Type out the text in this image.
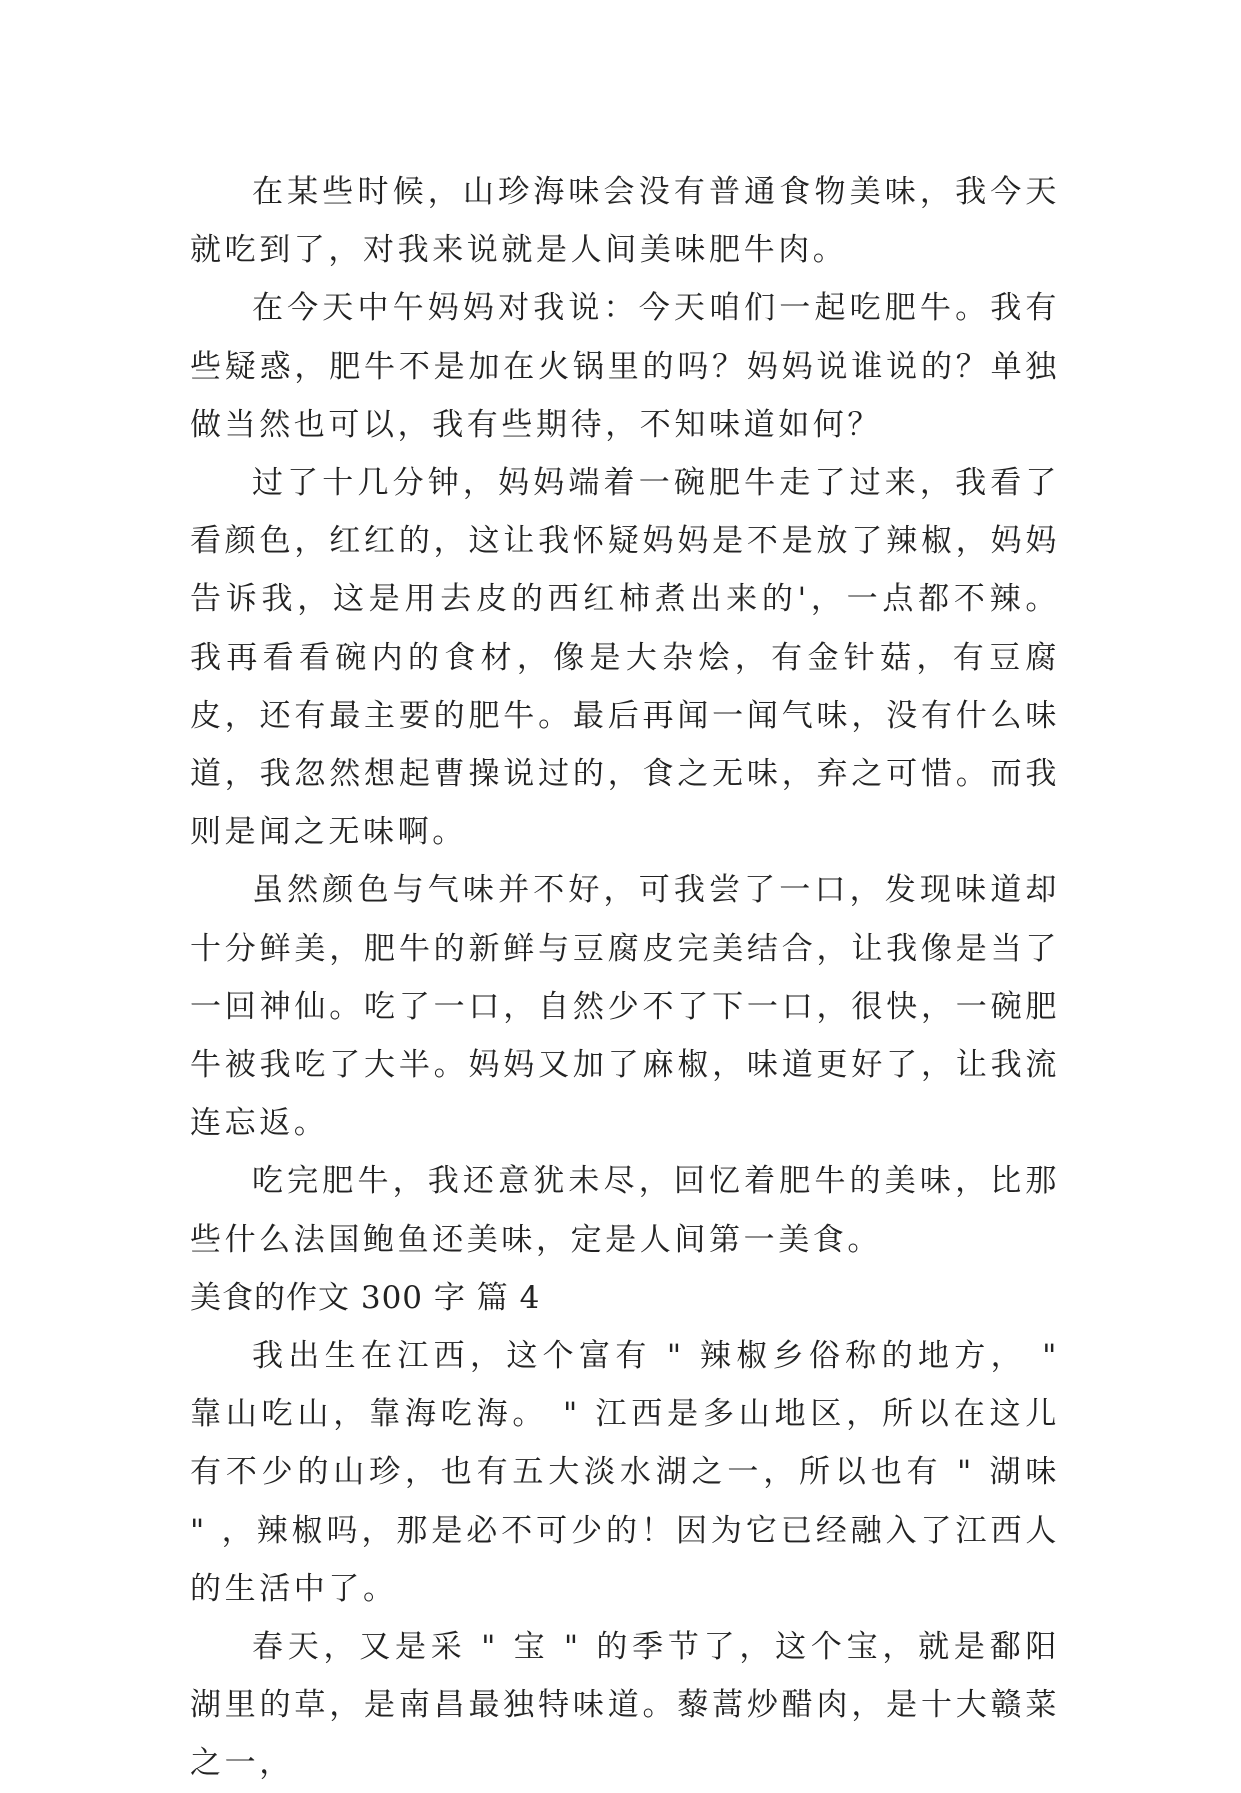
在某些时候，山珍海味会没有普通食物美味，我今天就吃到了，对我来说就是人间美味肥牛肉。

在今天中午妈妈对我说：今天咱们一起吃肥牛。我有些疑惑，肥牛不是加在火锅里的吗？妈妈说谁说的？单独做当然也可以，我有些期待，不知味道如何？

过了十几分钟，妈妈端着一碗肥牛走了过来，我看了看颜色，红红的，这让我怀疑妈妈是不是放了辣椒，妈妈告诉我，这是用去皮的西红柿煮出来的'，一点都不辣。我再看看碗内的食材，像是大杂烩，有金针菇，有豆腐皮，还有最主要的肥牛。最后再闻一闻气味，没有什么味道，我忽然想起曹操说过的，食之无味，弃之可惜。而我则是闻之无味啊。

虽然颜色与气味并不好，可我尝了一口，发现味道却十分鲜美，肥牛的新鲜与豆腐皮完美结合，让我像是当了一回神仙。吃了一口，自然少不了下一口，很快，一碗肥牛被我吃了大半。妈妈又加了麻椒，味道更好了，让我流连忘返。

吃完肥牛，我还意犹未尽，回忆着肥牛的美味，比那些什么法国鲍鱼还美味，定是人间第一美食。

美食的作文 300 字 篇 4

我出生在江西，这个富有 " 辣椒乡俗称的地方， " 靠山吃山，靠海吃海。 " 江西是多山地区，所以在这儿有不少的山珍，也有五大淡水湖之一，所以也有 " 湖味 " ，辣椒吗，那是必不可少的！因为它已经融入了江西人的生活中了。

春天，又是采 " 宝 " 的季节了，这个宝，就是鄱阳湖里的草，是南昌最独特味道。藜蒿炒醋肉，是十大赣菜之一，
